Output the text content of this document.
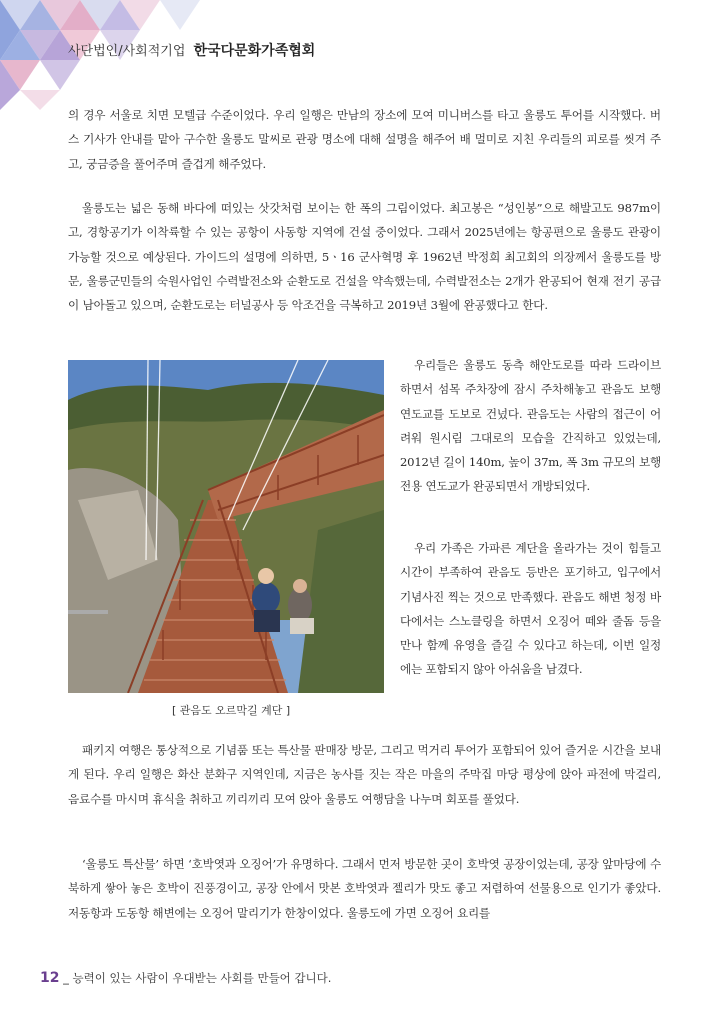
사단법인/사회적기업 한국다문화가족협회

의 경우 서울로 치면 모텔급 수준이었다. 우리 일행은 만남의 장소에 모여 미니버스를 타고 울릉도 투어를 시작했다. 버스 기사가 안내를 맡아 구수한 울릉도 말씨로 관광 명소에 대해 설명을 해주어 배 멀미로 지친 우리들의 피로를 씻겨 주고, 궁금증을 풀어주며 즐겁게 해주었다.

울릉도는 넓은 동해 바다에 떠있는 삿갓처럼 보이는 한 폭의 그림이었다. 최고봉은 “성인봉”으로 해발고도 987m이고, 경항공기가 이착륙할 수 있는 공항이 사동항 지역에 건설 중이었다. 그래서 2025년에는 항공편으로 울릉도 관광이 가능할 것으로 예상된다. 가이드의 설명에 의하면, 5ㆍ16 군사혁명 후 1962년 박정희 최고회의 의장께서 울릉도를 방문, 울릉군민들의 숙원사업인 수력발전소와 순환도로 건설을 약속했는데, 수력발전소는 2개가 완공되어 현재 전기 공급이 남아돌고 있으며, 순환도로는 터널공사 등 악조건을 극복하고 2019년 3월에 완공했다고 한다.

[ 관음도 오르막길 계단 ]

우리들은 울릉도 동측 해안도로를 따라 드라이브하면서 섬목 주차장에 잠시 주차해놓고 관음도 보행연도교를 도보로 건넜다. 관음도는 사람의 접근이 어려워 원시림 그대로의 모습을 간직하고 있었는데, 2012년 길이 140m, 높이 37m, 폭 3m 규모의 보행전용 연도교가 완공되면서 개방되었다.

우리 가족은 가파른 계단을 올라가는 것이 힘들고 시간이 부족하여 관음도 등반은 포기하고, 입구에서 기념사진 찍는 것으로 만족했다. 관음도 해변 청정 바다에서는 스노클링을 하면서 오징어 떼와 줄돔 등을 만나 함께 유영을 즐길 수 있다고 하는데, 이번 일정에는 포함되지 않아 아쉬움을 남겼다.

패키지 여행은 통상적으로 기념품 또는 특산물 판매장 방문, 그리고 먹거리 투어가 포함되어 있어 즐거운 시간을 보내게 된다. 우리 일행은 화산 분화구 지역인데, 지금은 농사를 짓는 작은 마을의 주막집 마당 평상에 앉아 파전에 막걸리, 음료수를 마시며 휴식을 취하고 끼리끼리 모여 앉아 울릉도 여행담을 나누며 회포를 풀었다.

‘울릉도 특산물’ 하면 ‘호박엿과 오징어’가 유명하다. 그래서 먼저 방문한 곳이 호박엿 공장이었는데, 공장 앞마당에 수북하게 쌓아 놓은 호박이 진풍경이고, 공장 안에서 맛본 호박엿과 젤리가 맛도 좋고 저렴하여 선물용으로 인기가 좋았다. 저동항과 도동항 해변에는 오징어 말리기가 한창이었다. 울릉도에 가면 오징어 요리를

12 _ 능력이 있는 사람이 우대받는 사회를 만들어 갑니다.
